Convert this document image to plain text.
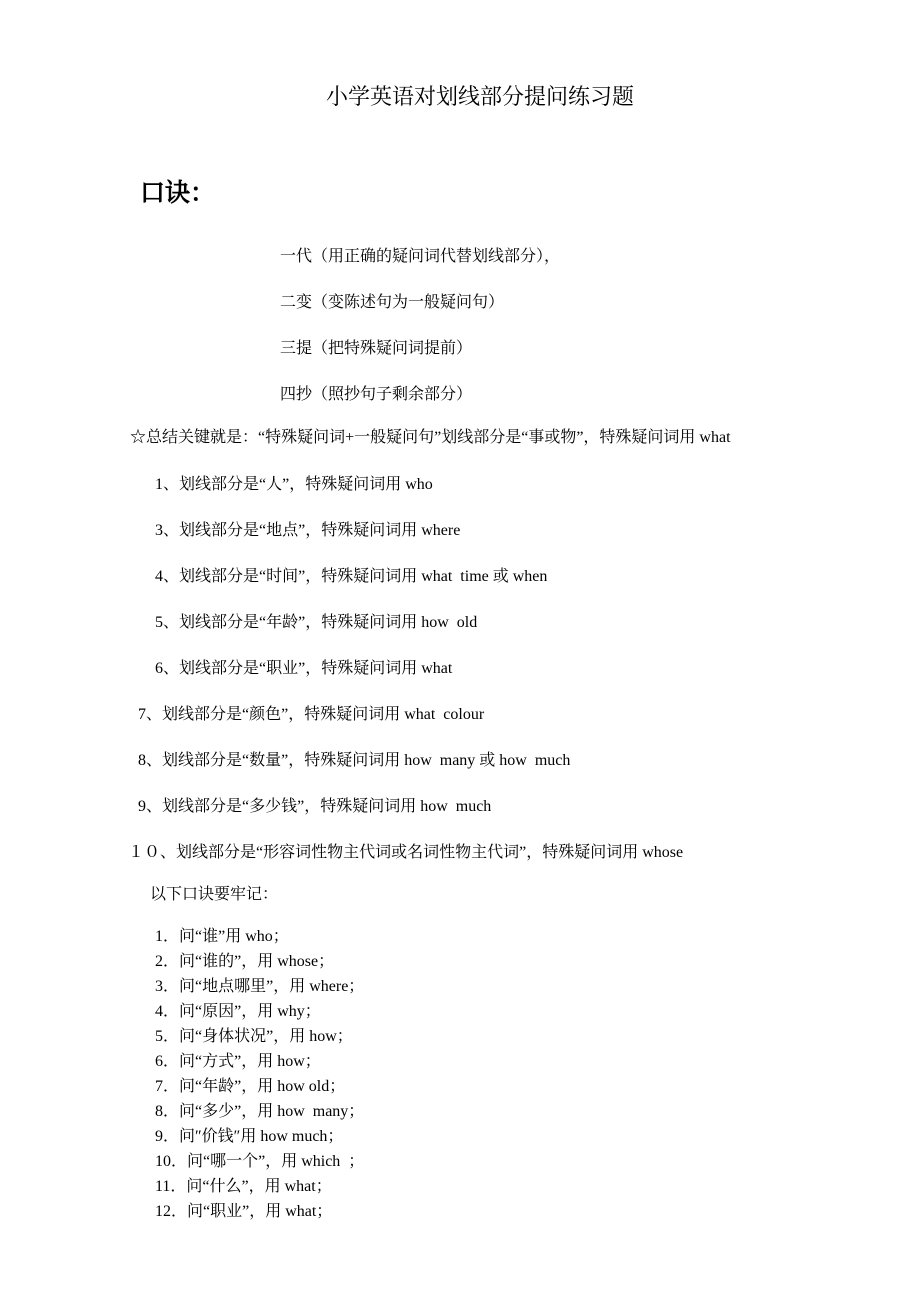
小学英语对划线部分提问练习题
口诀：
一代（用正确的疑问词代替划线部分），
二变（变陈述句为一般疑问句）
三提（把特殊疑问词提前）
四抄（照抄句子剩余部分）
☆总结关键就是：“特殊疑问词+一般疑问句”划线部分是“事或物”，特殊疑问词用 what
1、划线部分是“人”，特殊疑问词用 who
3、划线部分是“地点”，特殊疑问词用 where
4、划线部分是“时间”，特殊疑问词用 what  time 或 when
5、划线部分是“年龄”，特殊疑问词用 how  old
6、划线部分是“职业”，特殊疑问词用 what
7、划线部分是“颜色”，特殊疑问词用 what  colour
8、划线部分是“数量”，特殊疑问词用 how  many 或 how  much
9、划线部分是“多少钱”，特殊疑问词用 how  much
１０、划线部分是“形容词性物主代词或名词性物主代词”，特殊疑问词用 whose
以下口诀要牢记：
1．问“谁”用 who；
2．问“谁的”，用 whose；
3．问“地点哪里”，用 where；
4．问“原因”，用 why；
5．问“身体状况”，用 how；
6．问“方式”，用 how；
7．问“年龄”，用 how old；
8．问“多少”，用 how  many；
9．问″价钱″用 how much；
10．问“哪一个”，用 which  ；
11．问“什么”，用 what；
12．问“职业”，用 what；
